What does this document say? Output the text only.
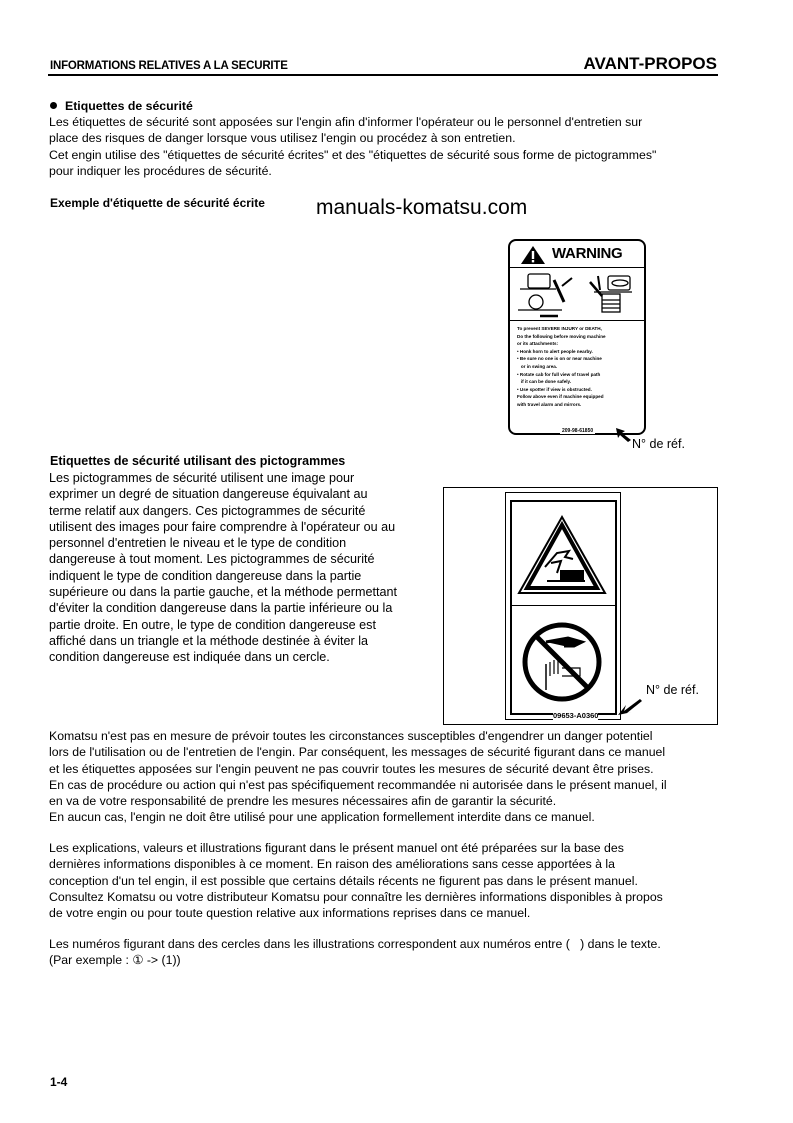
INFORMATIONS RELATIVES A LA SECURITE	AVANT-PROPOS
Etiquettes de sécurité
Les étiquettes de sécurité sont apposées sur l'engin afin d'informer l'opérateur ou le personnel d'entretien sur
place des risques de danger lorsque vous utilisez l'engin ou procédez à son entretien.
Cet engin utilise des "étiquettes de sécurité écrites" et des "étiquettes de sécurité sous forme de pictogrammes"
pour indiquer les procédures de sécurité.
Exemple d'étiquette de sécurité écrite manuals-komatsu.com
WARNING
To prevent SEVERE INJURY or DEATH,
Do the following before moving machine
or its attachments:
• Honk horn to alert people nearby.
• Be sure no one is on or near machine
or in swing area.
• Rotate cab for full view of travel path
if it can be done safely.
• Use spotter if view is obstructed.
Follow above even if machine equipped
with travel alarm and mirrors.
209-98-61850
N° de réf.
Etiquettes de sécurité utilisant des pictogrammes
Les pictogrammes de sécurité utilisent une image pour
exprimer un degré de situation dangereuse équivalant au
terme relatif aux dangers. Ces pictogrammes de sécurité
utilisent des images pour faire comprendre à l'opérateur ou au
personnel d'entretien le niveau et le type de condition
dangereuse à tout moment. Les pictogrammes de sécurité
indiquent le type de condition dangereuse dans la partie
supérieure ou dans la partie gauche, et la méthode permettant
d'éviter la condition dangereuse dans la partie inférieure ou la
partie droite. En outre, le type de condition dangereuse est
affiché dans un triangle et la méthode destinée à éviter la
condition dangereuse est indiquée dans un cercle.
09653-A0360
N° de réf.
Komatsu n'est pas en mesure de prévoir toutes les circonstances susceptibles d'engendrer un danger potentiel
lors de l'utilisation ou de l'entretien de l'engin. Par conséquent, les messages de sécurité figurant dans ce manuel
et les étiquettes apposées sur l'engin peuvent ne pas couvrir toutes les mesures de sécurité devant être prises.
En cas de procédure ou action qui n'est pas spécifiquement recommandée ni autorisée dans le présent manuel, il
en va de votre responsabilité de prendre les mesures nécessaires afin de garantir la sécurité.
En aucun cas, l'engin ne doit être utilisé pour une application formellement interdite dans ce manuel.
Les explications, valeurs et illustrations figurant dans le présent manuel ont été préparées sur la base des
dernières informations disponibles à ce moment. En raison des améliorations sans cesse apportées à la
conception d'un tel engin, il est possible que certains détails récents ne figurent pas dans le présent manuel.
Consultez Komatsu ou votre distributeur Komatsu pour connaître les dernières informations disponibles à propos
de votre engin ou pour toute question relative aux informations reprises dans ce manuel.
Les numéros figurant dans des cercles dans les illustrations correspondent aux numéros entre (   ) dans le texte.
(Par exemple : ① -> (1))
1-4
